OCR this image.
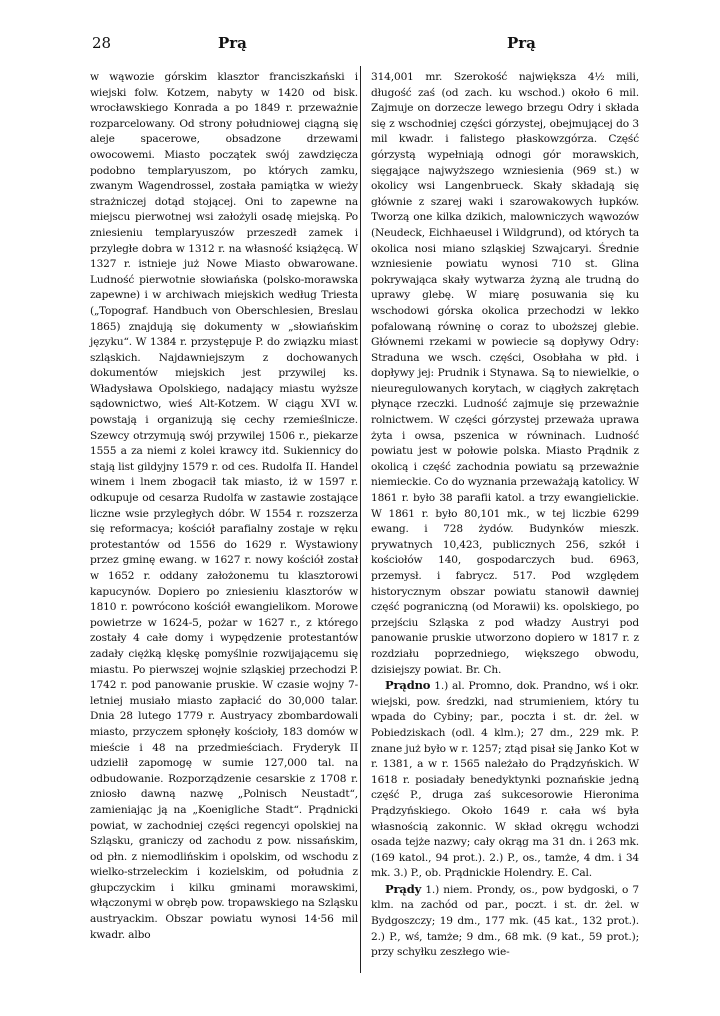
28	Prą	Prą

w wąwozie górskim klasztor franciszkański i wiejski folw. Kotzem, nabyty w 1420 od bisk. wrocławskiego Konrada a po 1849 r. przeważnie rozparcelowany. Od strony południowej ciągną się aleje spacerowe, obsadzone drzewami owocowemi. Miasto początek swój zawdzięcza podobno templaryuszom, po których zamku, zwanym Wagendrossel, została pamiątka w wieży strażniczej dotąd stojącej. Oni to zapewne na miejscu pierwotnej wsi założyli osadę miejską. Po zniesieniu templaryuszów przeszedł zamek i przyległe dobra w 1312 r. na własność książęcą. W 1327 r. istnieje już Nowe Miasto obwarowane. Ludność pierwotnie słowiańska (polsko-morawska zapewne) i w archiwach miejskich według Triesta („Topograf. Handbuch von Oberschlesien, Breslau 1865) znajdują się dokumenty w „słowiańskim języku“. W 1384 r. przystępuje P. do związku miast szląskich. Najdawniejszym z dochowanych dokumentów miejskich jest przywilej ks. Władysława Opolskiego, nadający miastu wyższe sądownictwo, wieś Alt-Kotzem. W ciągu XVI w. powstają i organizują się cechy rzemieślnicze. Szewcy otrzymują swój przywilej 1506 r., piekarze 1555 a za niemi z kolei krawcy itd. Sukiennicy do stają list gildyjny 1579 r. od ces. Rudolfa II. Handel winem i lnem zbogacił tak miasto, iż w 1597 r. odkupuje od cesarza Rudolfa w zastawie zostające liczne wsie przyległych dóbr. W 1554 r. rozszerza się reformacya; kościół parafialny zostaje w ręku protestantów od 1556 do 1629 r. Wystawiony przez gminę ewang. w 1627 r. nowy kościół został w 1652 r. oddany założonemu tu klasztorowi kapucynów. Dopiero po zniesieniu klasztorów w 1810 r. powrócono kościół ewangielikom. Morowe powietrze w 1624-5, pożar w 1627 r., z którego zostały 4 całe domy i wypędzenie protestantów zadały ciężką klęskę pomyślnie rozwijającemu się miastu. Po pierwszej wojnie szląskiej przechodzi P. 1742 r. pod panowanie pruskie. W czasie wojny 7-letniej musiało miasto zapłacić do 30,000 talar. Dnia 28 lutego 1779 r. Austryacy zbombardowali miasto, przyczem spłonęły kościoły, 183 domów w mieście i 48 na przedmieściach. Fryderyk II udzielił zapomogę w sumie 127,000 tal. na odbudowanie. Rozporządzenie cesarskie z 1708 r. zniosło dawną nazwę „Polnisch Neustadt“, zamieniając ją na „Koenigliche Stadt“. Prądnicki powiat, w zachodniej części regencyi opolskiej na Szląsku, graniczy od zachodu z pow. nissańskim, od płn. z niemodlińskim i opolskim, od wschodu z wielko-strzeleckim i kozielskim, od południa z głupczyckim i kilku gminami morawskimi, włączonymi w obręb pow. tropawskiego na Szląsku austryackim. Obszar powiatu wynosi 14·56 mil kwadr. albo

314,001 mr. Szerokość największa 4½ mili, długość zaś (od zach. ku wschod.) około 6 mil. Zajmuje on dorzecze lewego brzegu Odry i składa się z wschodniej części górzystej, obejmującej do 3 mil kwadr. i falistego płaskowzgórza. Część górzystą wypełniają odnogi gór morawskich, sięgające najwyższego wzniesienia (969 st.) w okolicy wsi Langenbrueck. Skały składają się głównie z szarej waki i szarowakowych łupków. Tworzą one kilka dzikich, malowniczych wąwozów (Neudeck, Eichhaeusel i Wildgrund), od których ta okolica nosi miano szląskiej Szwajcaryi. Średnie wzniesienie powiatu wynosi 710 st. Glina pokrywająca skały wytwarza żyzną ale trudną do uprawy glebę. W miarę posuwania się ku wschodowi górska okolica przechodzi w lekko pofalowaną równinę o coraz to uboższej glebie. Głównemi rzekami w powiecie są dopływy Odry: Straduna we wsch. części, Osobłaha w płd. i dopływy jej: Prudnik i Stynawa. Są to niewielkie, o nieuregulowanych korytach, w ciągłych zakrętach płynące rzeczki. Ludność zajmuje się przeważnie rolnictwem. W części górzystej przeważa uprawa żyta i owsa, pszenica w równinach. Ludność powiatu jest w połowie polska. Miasto Prądnik z okolicą i część zachodnia powiatu są przeważnie niemieckie. Co do wyznania przeważają katolicy. W 1861 r. było 38 parafii katol. a trzy ewangielickie. W 1861 r. było 80,101 mk., w tej liczbie 6299 ewang. i 728 żydów. Budynków mieszk. prywatnych 10,423, publicznych 256, szkół i kościołów 140, gospodarczych bud. 6963, przemysł. i fabrycz. 517. Pod względem historycznym obszar powiatu stanowił dawniej część pograniczną (od Morawii) ks. opolskiego, po przejściu Szląska z pod władzy Austryi pod panowanie pruskie utworzono dopiero w 1817 r. z rozdziału poprzedniego, większego obwodu, dzisiejszy powiat. Br. Ch.

Prądno 1.) al. Promno, dok. Prandno, wś i okr. wiejski, pow. średzki, nad strumieniem, który tu wpada do Cybiny; par., poczta i st. dr. żel. w Pobiedziskach (odl. 4 klm.); 27 dm., 229 mk. P. znane już było w r. 1257; ztąd pisał się Janko Kot w r. 1381, a w r. 1565 należało do Prądzyńskich. W 1618 r. posiadały benedyktynki poznańskie jedną część P., druga zaś sukcesorowie Hieronima Prądzyńskiego. Około 1649 r. cała wś była własnością zakonnic. W skład okręgu wchodzi osada tejże nazwy; cały okrąg ma 31 dn. i 263 mk. (169 katol., 94 prot.). 2.) P., os., tamże, 4 dm. i 34 mk. 3.) P., ob. Prądnickie Holendry. E. Cal.

Prądy 1.) niem. Prondy, os., pow bydgoski, o 7 klm. na zachód od par., poczt. i st. dr. żel. w Bydgoszczy; 19 dm., 177 mk. (45 kat., 132 prot.). 2.) P., wś, tamże; 9 dm., 68 mk. (9 kat., 59 prot.); przy schyłku zeszłego wie-
